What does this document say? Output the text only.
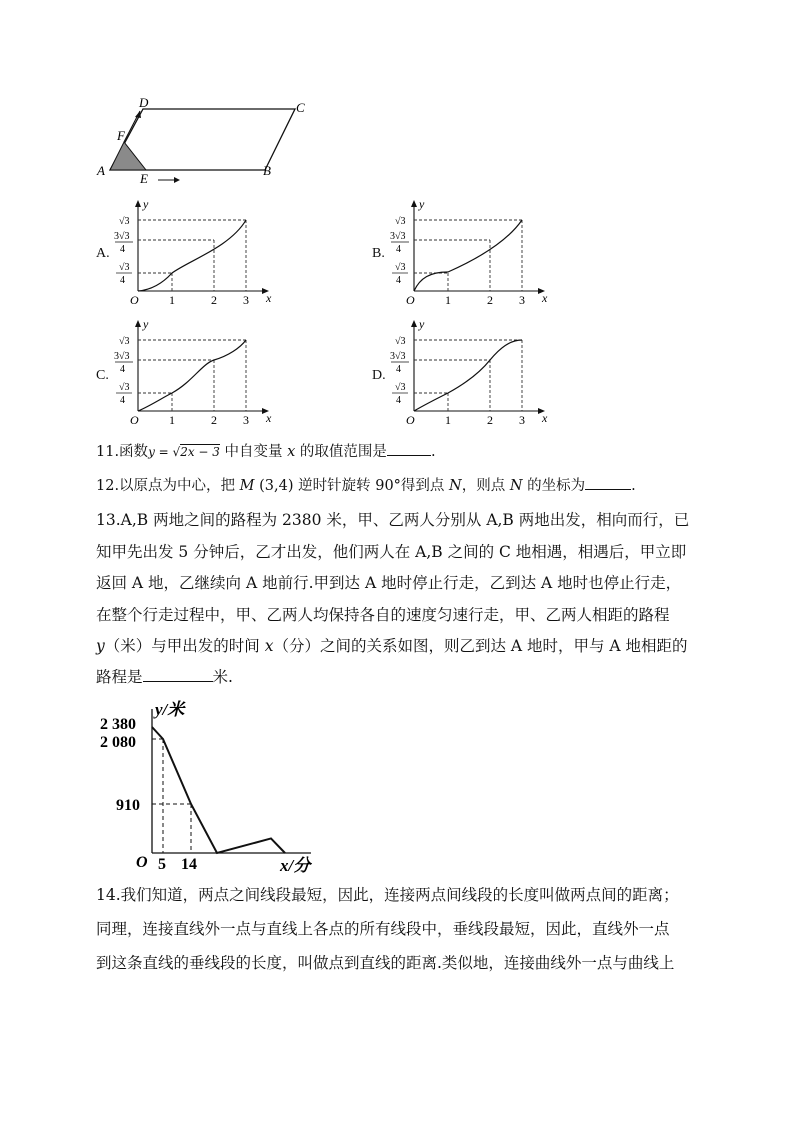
D	C
F
A
E
B
A.
O	1	2 3 x
y
√3
3√3
4
√3
4
B.
O	1	2 3 x
y
√3
3√3
4
√3
4
C.
O	1	2 3 x
y
√3
3√3
4
√3
4
D.
O	1	2 3 x
y
√3
3√3
4
√3
4
11.函数y = √2x − 3 中自变量 x 的取值范围是	.
12.以原点为中心，把 M (3,4) 逆时针旋转 90°得到点 N，则点 N 的坐标为	.
13.A,B 两地之间的路程为 2380 米，甲、乙两人分别从 A,B 两地出发，相向而行，已
知甲先出发 5 分钟后，乙才出发，他们两人在 A,B 之间的 C 地相遇，相遇后，甲立即
返回 A 地，乙继续向 A 地前行.甲到达 A 地时停止行走，乙到达 A 地时也停止行走，
在整个行走过程中，甲、乙两人均保持各自的速度匀速行走，甲、乙两人相距的路程
y（米）与甲出发的时间 x（分）之间的关系如图，则乙到达 A 地时，甲与 A 地相距的
路程是	米.
y/米
x/分
O
2 380
2 080
910
5 14
14.我们知道，两点之间线段最短，因此，连接两点间线段的长度叫做两点间的距离；
同理，连接直线外一点与直线上各点的所有线段中，垂线段最短，因此，直线外一点
到这条直线的垂线段的长度，叫做点到直线的距离.类似地，连接曲线外一点与曲线上
